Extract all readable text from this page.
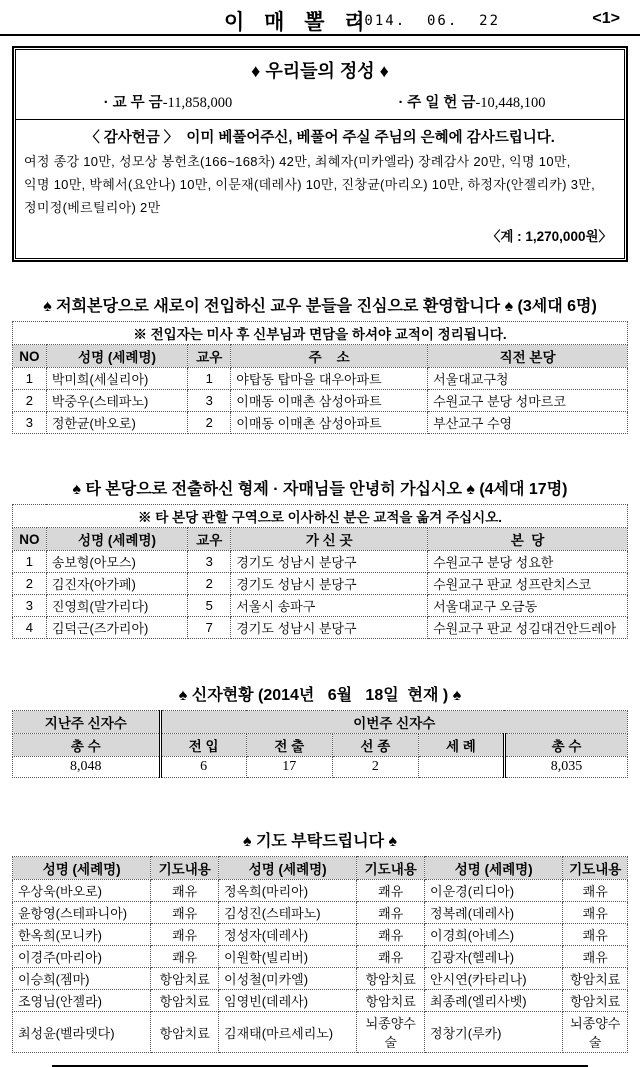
이 매 뽈 리
2014.  06.  22	<1>
♦ 우리들의 정성 ♦
· 교 무 금-11,858,000	· 주 일 헌 금-10,448,100
〈 감사헌금 〉  이미 베풀어주신, 베풀어 주실 주님의 은혜에 감사드립니다.
여정 종강 10만, 성모상 봉헌초(166~168차) 42만, 최혜자(미카엘라) 장례감사 20만, 익명 10만,
익명 10만, 박혜서(요안나) 10만, 이문재(데레사) 10만, 진창균(마리오) 10만, 하정자(안젤리카) 3만,
정미정(베르틸리아) 2만
〈계 : 1,270,000원〉
♠ 저희본당으로 새로이 전입하신 교우 분들을 진심으로 환영합니다 ♠ (3세대 6명)
※ 전입자는 미사 후 신부님과 면담을 하셔야 교적이 정리됩니다.				
NO	성명 (세례명)	교우	주    소	직전 본당
1	박미희(세실리아)	1	야탑동 탑마을 대우아파트	서울대교구청
2	박중우(스테파노)	3	이매동 이매촌 삼성아파트	수원교구 분당 성마르코
3	정한균(바오로)	2	이매동 이매촌 삼성아파트	부산교구 수영
♠ 타 본당으로 전출하신 형제 · 자매님들 안녕히 가십시오 ♠ (4세대 17명)
※ 타 본당 관할 구역으로 이사하신 분은 교적을 옮겨 주십시오.				
NO	성명 (세례명)	교우	가 신 곳	본  당
1	송보형(아모스)	3	경기도 성남시 분당구	수원교구 분당 성요한
2	김진자(아가페)	2	경기도 성남시 분당구	수원교구 판교 성프란치스코
3	진영희(말가리다)	5	서울시 송파구	서울대교구 오금동
4	김덕근(즈가리아)	7	경기도 성남시 분당구	수원교구 판교 성김대건안드레아
♠ 신자현황 (2014년   6월   18일  현재 ) ♠
지난주 신자수	이번주 신자수				
총 수	전 입	전 출	선 종	세 례	총 수
8,048	6	17	2		8,035
♠ 기도 부탁드립니다 ♠
성명 (세례명)	기도내용	성명 (세례명)	기도내용	성명 (세례명)	기도내용
우상욱(바오로)	쾌유	정옥희(마리아)	쾌유	이운경(리디아)	쾌유
윤항영(스테파니아)	쾌유	김성진(스테파노)	쾌유	정복례(데레사)	쾌유
한옥희(모니카)	쾌유	정성자(데레사)	쾌유	이경희(아녜스)	쾌유
이경주(마리아)	쾌유	이원학(빌리버)	쾌유	김광자(헬레나)	쾌유
이승희(젬마)	항암치료	이성철(미카엘)	항암치료	안시연(카타리나)	항암치료
조영님(안젤라)	항암치료	임영빈(데레사)	항암치료	최종례(엘리사벳)	항암치료
최성윤(벨라뎃다)	항암치료	김재태(마르세리노)	뇌종양수술	정창기(루카)	뇌종양수술
